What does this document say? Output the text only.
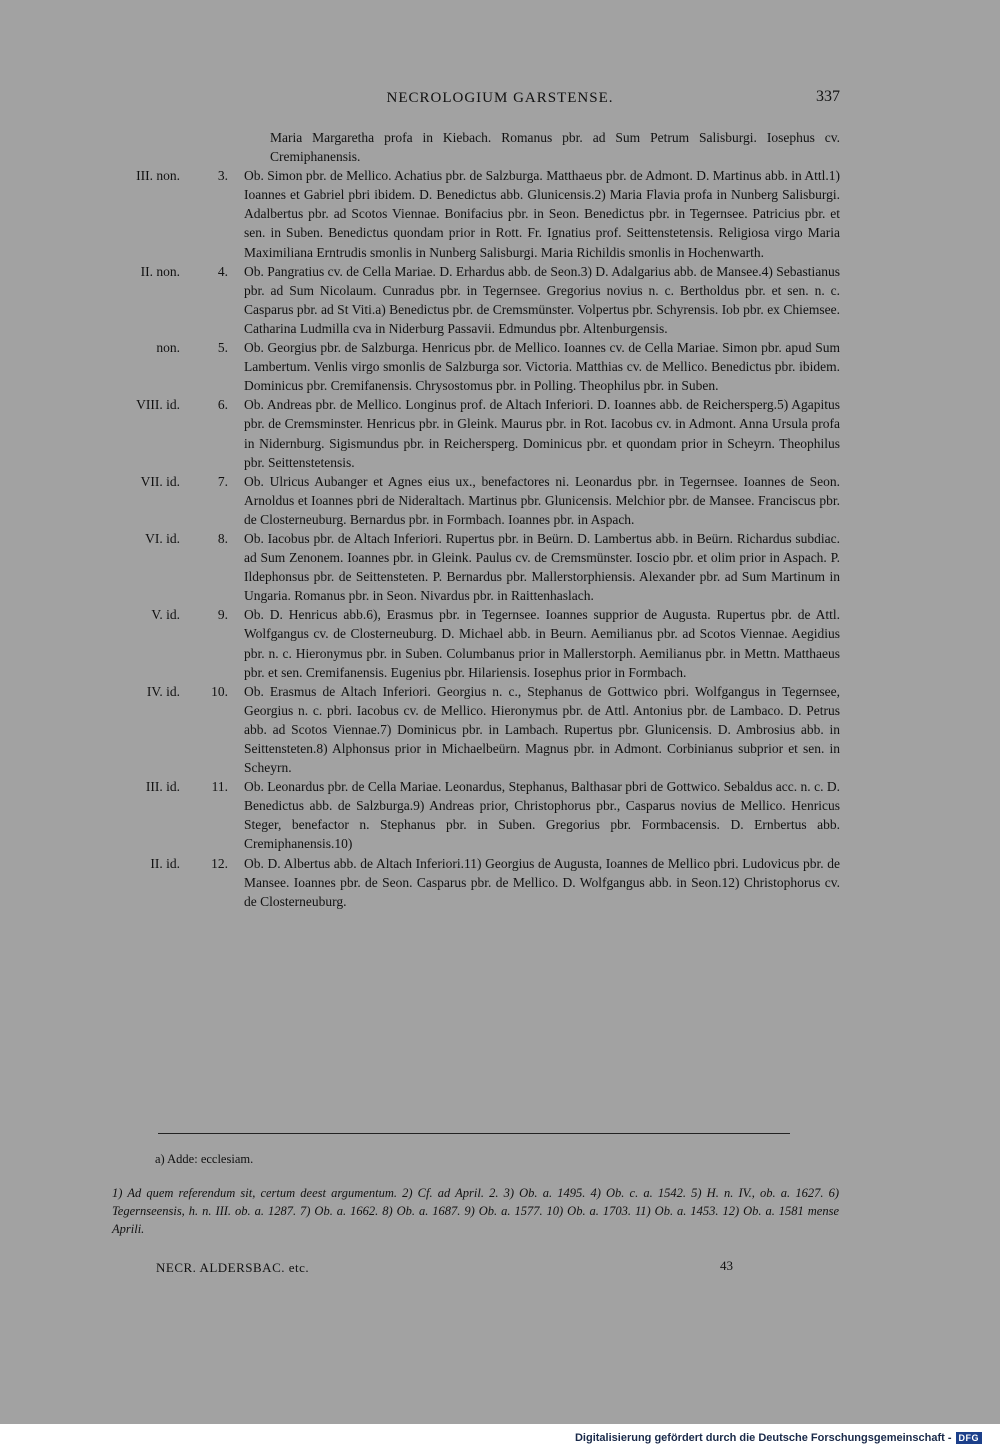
NECROLOGIUM GARSTENSE.	337
Maria Margaretha profa in Kiebach. Romanus pbr. ad Sum Petrum Salisburgi. Iosephus cv. Cremiphanensis.
III. non.	3.	Ob. Simon pbr. de Mellico. Achatius pbr. de Salzburga. Matthaeus pbr. de Admont. D. Martinus abb. in Attl.1) Ioannes et Gabriel pbri ibidem. D. Benedictus abb. Glunicensis.2) Maria Flavia profa in Nunberg Salisburgi. Adalbertus pbr. ad Scotos Viennae. Bonifacius pbr. in Seon. Benedictus pbr. in Tegernsee. Patricius pbr. et sen. in Suben. Benedictus quondam prior in Rott. Fr. Ignatius prof. Seittenstetensis. Religiosa virgo Maria Maximiliana Erntrudis smonlis in Nunberg Salisburgi. Maria Richildis smonlis in Hochenwarth.
II. non.	4.	Ob. Pangratius cv. de Cella Mariae. D. Erhardus abb. de Seon.3) D. Adalgarius abb. de Mansee.4) Sebastianus pbr. ad Sum Nicolaum. Cunradus pbr. in Tegernsee. Gregorius novius n. c. Bertholdus pbr. et sen. n. c. Casparus pbr. ad St Viti.a) Benedictus pbr. de Cremsmünster. Volpertus pbr. Schyrensis. Iob pbr. ex Chiemsee. Catharina Ludmilla cva in Niderburg Passavii. Edmundus pbr. Altenburgensis.
non.	5.	Ob. Georgius pbr. de Salzburga. Henricus pbr. de Mellico. Ioannes cv. de Cella Mariae. Simon pbr. apud Sum Lambertum. Venlis virgo smonlis de Salzburga sor. Victoria. Matthias cv. de Mellico. Benedictus pbr. ibidem. Dominicus pbr. Cremifanensis. Chrysostomus pbr. in Polling. Theophilus pbr. in Suben.
VIII. id.	6.	Ob. Andreas pbr. de Mellico. Longinus prof. de Altach Inferiori. D. Ioannes abb. de Reichersperg.5) Agapitus pbr. de Cremsminster. Henricus pbr. in Gleink. Maurus pbr. in Rot. Iacobus cv. in Admont. Anna Ursula profa in Nidernburg. Sigismundus pbr. in Reichersperg. Dominicus pbr. et quondam prior in Scheyrn. Theophilus pbr. Seittenstetensis.
VII. id.	7.	Ob. Ulricus Aubanger et Agnes eius ux., benefactores ni. Leonardus pbr. in Tegernsee. Ioannes de Seon. Arnoldus et Ioannes pbri de Nideraltach. Martinus pbr. Glunicensis. Melchior pbr. de Mansee. Franciscus pbr. de Closterneuburg. Bernardus pbr. in Formbach. Ioannes pbr. in Aspach.
VI. id.	8.	Ob. Iacobus pbr. de Altach Inferiori. Rupertus pbr. in Beürn. D. Lambertus abb. in Beürn. Richardus subdiac. ad Sum Zenonem. Ioannes pbr. in Gleink. Paulus cv. de Cremsmünster. Ioscio pbr. et olim prior in Aspach. P. Ildephonsus pbr. de Seittensteten. P. Bernardus pbr. Mallerstorphiensis. Alexander pbr. ad Sum Martinum in Ungaria. Romanus pbr. in Seon. Nivardus pbr. in Raittenhaslach.
V. id.	9.	Ob. D. Henricus abb.6), Erasmus pbr. in Tegernsee. Ioannes supprior de Augusta. Rupertus pbr. de Attl. Wolfgangus cv. de Closterneuburg. D. Michael abb. in Beurn. Aemilianus pbr. ad Scotos Viennae. Aegidius pbr. n. c. Hieronymus pbr. in Suben. Columbanus prior in Mallerstorph. Aemilianus pbr. in Mettn. Matthaeus pbr. et sen. Cremifanensis. Eugenius pbr. Hilariensis. Iosephus prior in Formbach.
IV. id.	10.	Ob. Erasmus de Altach Inferiori. Georgius n. c., Stephanus de Gottwico pbri. Wolfgangus in Tegernsee, Georgius n. c. pbri. Iacobus cv. de Mellico. Hieronymus pbr. de Attl. Antonius pbr. de Lambaco. D. Petrus abb. ad Scotos Viennae.7) Dominicus pbr. in Lambach. Rupertus pbr. Glunicensis. D. Ambrosius abb. in Seittensteten.8) Alphonsus prior in Michaelbeürn. Magnus pbr. in Admont. Corbinianus subprior et sen. in Scheyrn.
III. id.	11.	Ob. Leonardus pbr. de Cella Mariae. Leonardus, Stephanus, Balthasar pbri de Gottwico. Sebaldus acc. n. c. D. Benedictus abb. de Salzburga.9) Andreas prior, Christophorus pbr., Casparus novius de Mellico. Henricus Steger, benefactor n. Stephanus pbr. in Suben. Gregorius pbr. Formbacensis. D. Ernbertus abb. Cremiphanensis.10)
II. id.	12.	Ob. D. Albertus abb. de Altach Inferiori.11) Georgius de Augusta, Ioannes de Mellico pbri. Ludovicus pbr. de Mansee. Ioannes pbr. de Seon. Casparus pbr. de Mellico. D. Wolfgangus abb. in Seon.12) Christophorus cv. de Closterneuburg.
a) Adde: ecclesiam.
1) Ad quem referendum sit, certum deest argumentum. 2) Cf. ad April. 2. 3) Ob. a. 1495. 4) Ob. c. a. 1542. 5) H. n. IV., ob. a. 1627. 6) Tegernseensis, h. n. III. ob. a. 1287. 7) Ob. a. 1662. 8) Ob. a. 1687. 9) Ob. a. 1577. 10) Ob. a. 1703. 11) Ob. a. 1453. 12) Ob. a. 1581 mense Aprili.
NECR. ALDERSBAC. etc.	43
Digitalisierung gefördert durch die Deutsche Forschungsgemeinschaft - DFG
